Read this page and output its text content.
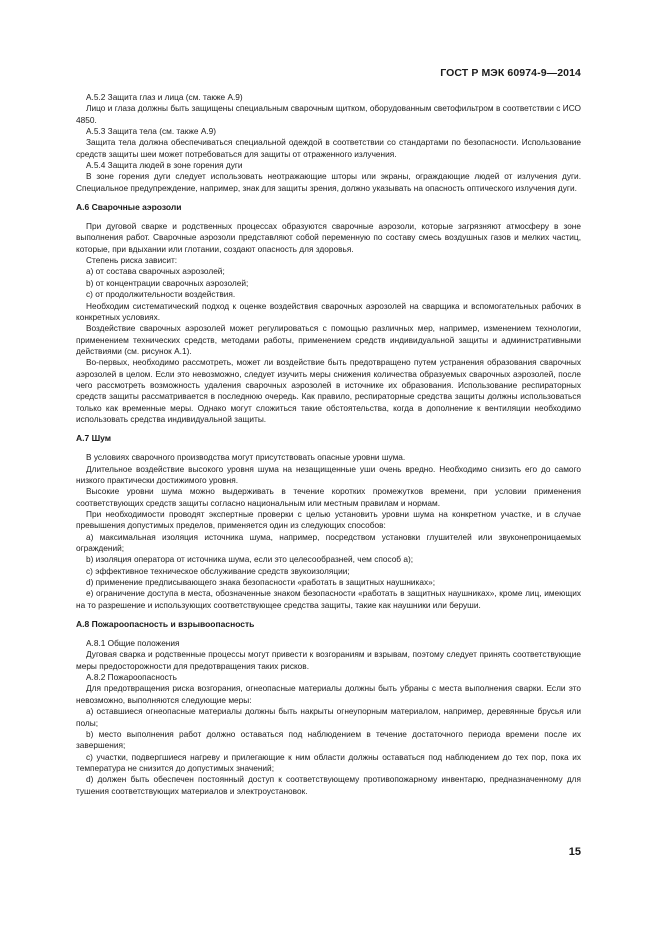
ГОСТ Р МЭК 60974-9—2014

А.5.2 Защита глаз и лица (см. также А.9)

Лицо и глаза должны быть защищены специальным сварочным щитком, оборудованным светофильтром в соответствии с ИСО 4850.

А.5.3 Защита тела (см. также А.9)

Защита тела должна обеспечиваться специальной одеждой в соответствии со стандартами по безопасности. Использование средств защиты шеи может потребоваться для защиты от отраженного излучения.

А.5.4 Защита людей в зоне горения дуги

В зоне горения дуги следует использовать неотражающие шторы или экраны, ограждающие людей от излучения дуги. Специальное предупреждение, например, знак для защиты зрения, должно указывать на опасность оптического излучения дуги.

А.6 Сварочные аэрозоли

При дуговой сварке и родственных процессах образуются сварочные аэрозоли, которые загрязняют атмосферу в зоне выполнения работ. Сварочные аэрозоли представляют собой переменную по составу смесь воздушных газов и мелких частиц, которые, при вдыхании или глотании, создают опасность для здоровья.

Степень риска зависит:

a) от состава сварочных аэрозолей;

b) от концентрации сварочных аэрозолей;

c) от продолжительности воздействия.

Необходим систематический подход к оценке воздействия сварочных аэрозолей на сварщика и вспомогательных рабочих в конкретных условиях.

Воздействие сварочных аэрозолей может регулироваться с помощью различных мер, например, изменением технологии, применением технических средств, методами работы, применением средств индивидуальной защиты и административными действиями (см. рисунок А.1).

Во-первых, необходимо рассмотреть, может ли воздействие быть предотвращено путем устранения образования сварочных аэрозолей в целом. Если это невозможно, следует изучить меры снижения количества образуемых сварочных аэрозолей, после чего рассмотреть возможность удаления сварочных аэрозолей в источнике их образования. Использование респираторных средств защиты рассматривается в последнюю очередь. Как правило, респираторные средства защиты должны использоваться только как временные меры. Однако могут сложиться такие обстоятельства, когда в дополнение к вентиляции необходимо использовать средства индивидуальной защиты.

А.7 Шум

В условиях сварочного производства могут присутствовать опасные уровни шума.

Длительное воздействие высокого уровня шума на незащищенные уши очень вредно. Необходимо снизить его до самого низкого практически достижимого уровня.

Высокие уровни шума можно выдерживать в течение коротких промежутков времени, при условии применения соответствующих средств защиты согласно национальным или местным правилам и нормам.

При необходимости проводят экспертные проверки с целью установить уровни шума на конкретном участке, и в случае превышения допустимых пределов, применяется один из следующих способов:

a) максимальная изоляция источника шума, например, посредством установки глушителей или звуконепроницаемых ограждений;

b) изоляция оператора от источника шума, если это целесообразней, чем способ a);

c) эффективное техническое обслуживание средств звукоизоляции;

d) применение предписывающего знака безопасности «работать в защитных наушниках»;

e) ограничение доступа в места, обозначенные знаком безопасности «работать в защитных наушниках», кроме лиц, имеющих на то разрешение и использующих соответствующее средства защиты, такие как наушники или беруши.

А.8 Пожароопасность и взрывоопасность

А.8.1 Общие положения

Дуговая сварка и родственные процессы могут привести к возгораниям и взрывам, поэтому следует принять соответствующие меры предосторожности для предотвращения таких рисков.

А.8.2 Пожароопасность

Для предотвращения риска возгорания, огнеопасные материалы должны быть убраны с места выполнения сварки. Если это невозможно, выполняются следующие меры:

a) оставшиеся огнеопасные материалы должны быть накрыты огнеупорным материалом, например, деревянные брусья или полы;

b) место выполнения работ должно оставаться под наблюдением в течение достаточного периода времени после их завершения;

c) участки, подвергшиеся нагреву и прилегающие к ним области должны оставаться под наблюдением до тех пор, пока их температура не снизится до допустимых значений;

d) должен быть обеспечен постоянный доступ к соответствующему противопожарному инвентарю, предназначенному для тушения соответствующих материалов и электроустановок.

15
